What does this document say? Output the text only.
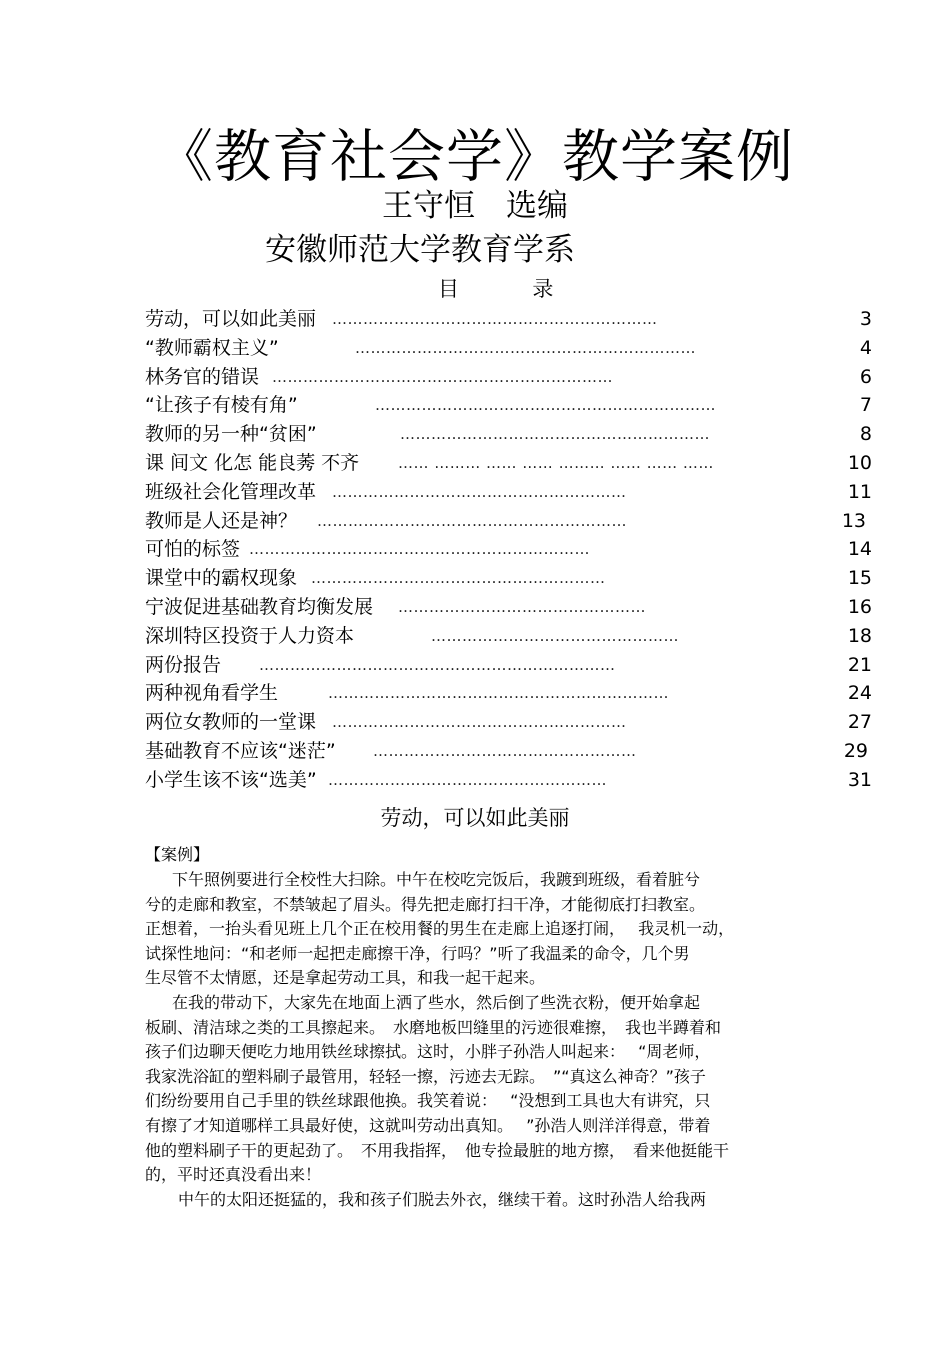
《教育社会学》教学案例
王守恒　选编
安徽师范大学教育学系
目	录
劳动，可以如此美丽 ………………………………………………………	3
“教师霸权主义”	…………………………………………………………	4
林务官的错误 …………………………………………………………	6
“让孩子有棱有角”	…………………………………………………………	7
教师的另一种“贫困”	……………………………………………………	8
课 间文 化怎 能良莠 不齐	…… ……… …… …… ……… …… …… ……	10
班级社会化管理改革 …………………………………………………	11
教师是人还是神？ ……………………………………………………	13
可怕的标签 …………………………………………………………	14
课堂中的霸权现象 …………………………………………………	15
宁波促进基础教育均衡发展 …………………………………………	16
深圳特区投资于人力资本	…………………………………………	18
两份报告	……………………………………………………………	21
两种视角看学生	…………………………………………………………	24
两位女教师的一堂课 …………………………………………………	27
基础教育不应该“迷茫” ……………………………………………	29
小学生该不该“选美” ………………………………………………	31
劳动，可以如此美丽
【案例】
下午照例要进行全校性大扫除。中午在校吃完饭后，我踱到班级，看着脏兮
兮的走廊和教室，不禁皱起了眉头。得先把走廊打扫干净，才能彻底打扫教室。
正想着，一抬头看见班上几个正在校用餐的男生在走廊上追逐打闹，　 我灵机一动，
试探性地问：“和老师一起把走廊擦干净，行吗？”听了我温柔的命令，几个男
生尽管不太情愿，还是拿起劳动工具，和我一起干起来。
在我的带动下，大家先在地面上洒了些水，然后倒了些洗衣粉，便开始拿起
板刷、清洁球之类的工具擦起来。　水磨地板凹缝里的污迹很难擦，　我也半蹲着和
孩子们边聊天便吃力地用铁丝球擦拭。这时，小胖子孙浩人叫起来：　 “周老师，
我家洗浴缸的塑料刷子最管用，轻轻一擦，污迹去无踪。　”“真这么神奇？”孩子
们纷纷要用自己手里的铁丝球跟他换。我笑着说：　 “没想到工具也大有讲究，只
有擦了才知道哪样工具最好使，这就叫劳动出真知。　 ”孙浩人则洋洋得意，带着
他的塑料刷子干的更起劲了。　不用我指挥，　他专捡最脏的地方擦，　看来他挺能干
的，平时还真没看出来！
中午的太阳还挺猛的，我和孩子们脱去外衣，继续干着。这时孙浩人给我两
